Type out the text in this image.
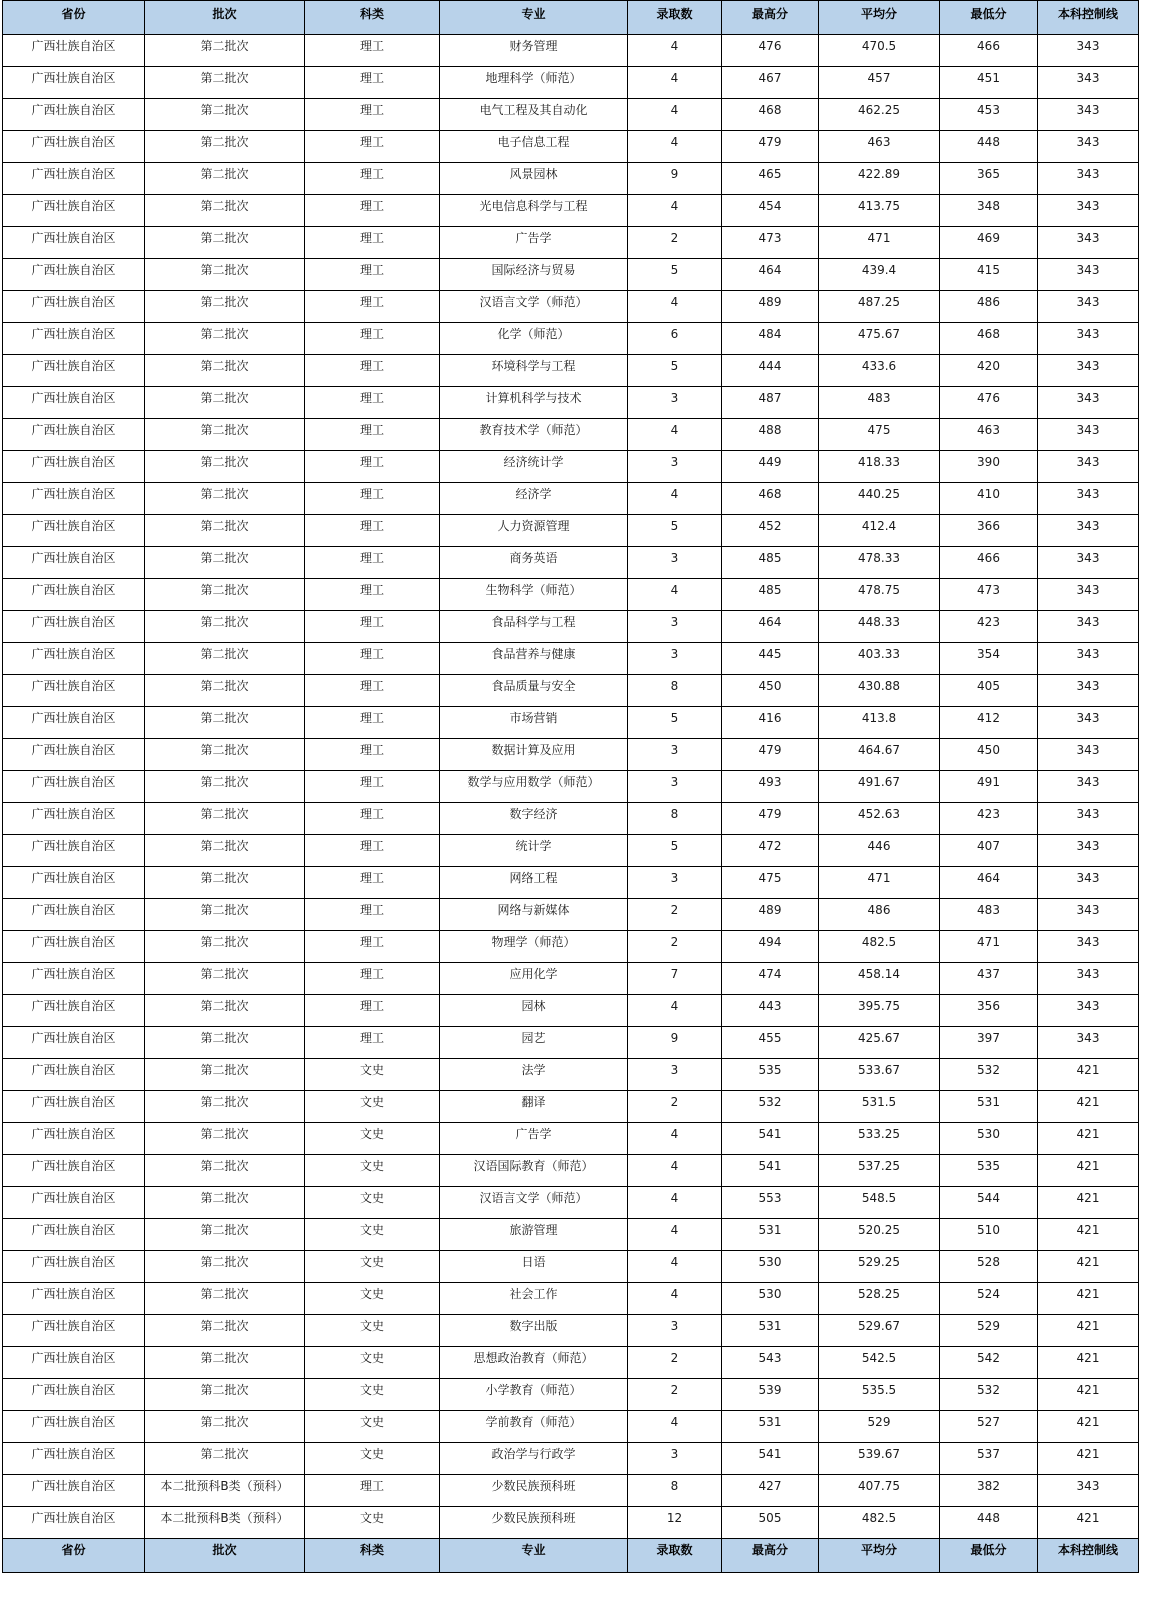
省份	批次	科类	专业	录取数	最高分	平均分	最低分	本科控制线
广西壮族自治区	第二批次	理工	财务管理	4	476	470.5	466	343
广西壮族自治区	第二批次	理工	地理科学（师范）	4	467	457	451	343
广西壮族自治区	第二批次	理工	电气工程及其自动化	4	468	462.25	453	343
广西壮族自治区	第二批次	理工	电子信息工程	4	479	463	448	343
广西壮族自治区	第二批次	理工	风景园林	9	465	422.89	365	343
广西壮族自治区	第二批次	理工	光电信息科学与工程	4	454	413.75	348	343
广西壮族自治区	第二批次	理工	广告学	2	473	471	469	343
广西壮族自治区	第二批次	理工	国际经济与贸易	5	464	439.4	415	343
广西壮族自治区	第二批次	理工	汉语言文学（师范）	4	489	487.25	486	343
广西壮族自治区	第二批次	理工	化学（师范）	6	484	475.67	468	343
广西壮族自治区	第二批次	理工	环境科学与工程	5	444	433.6	420	343
广西壮族自治区	第二批次	理工	计算机科学与技术	3	487	483	476	343
广西壮族自治区	第二批次	理工	教育技术学（师范）	4	488	475	463	343
广西壮族自治区	第二批次	理工	经济统计学	3	449	418.33	390	343
广西壮族自治区	第二批次	理工	经济学	4	468	440.25	410	343
广西壮族自治区	第二批次	理工	人力资源管理	5	452	412.4	366	343
广西壮族自治区	第二批次	理工	商务英语	3	485	478.33	466	343
广西壮族自治区	第二批次	理工	生物科学（师范）	4	485	478.75	473	343
广西壮族自治区	第二批次	理工	食品科学与工程	3	464	448.33	423	343
广西壮族自治区	第二批次	理工	食品营养与健康	3	445	403.33	354	343
广西壮族自治区	第二批次	理工	食品质量与安全	8	450	430.88	405	343
广西壮族自治区	第二批次	理工	市场营销	5	416	413.8	412	343
广西壮族自治区	第二批次	理工	数据计算及应用	3	479	464.67	450	343
广西壮族自治区	第二批次	理工	数学与应用数学（师范）	3	493	491.67	491	343
广西壮族自治区	第二批次	理工	数字经济	8	479	452.63	423	343
广西壮族自治区	第二批次	理工	统计学	5	472	446	407	343
广西壮族自治区	第二批次	理工	网络工程	3	475	471	464	343
广西壮族自治区	第二批次	理工	网络与新媒体	2	489	486	483	343
广西壮族自治区	第二批次	理工	物理学（师范）	2	494	482.5	471	343
广西壮族自治区	第二批次	理工	应用化学	7	474	458.14	437	343
广西壮族自治区	第二批次	理工	园林	4	443	395.75	356	343
广西壮族自治区	第二批次	理工	园艺	9	455	425.67	397	343
广西壮族自治区	第二批次	文史	法学	3	535	533.67	532	421
广西壮族自治区	第二批次	文史	翻译	2	532	531.5	531	421
广西壮族自治区	第二批次	文史	广告学	4	541	533.25	530	421
广西壮族自治区	第二批次	文史	汉语国际教育（师范）	4	541	537.25	535	421
广西壮族自治区	第二批次	文史	汉语言文学（师范）	4	553	548.5	544	421
广西壮族自治区	第二批次	文史	旅游管理	4	531	520.25	510	421
广西壮族自治区	第二批次	文史	日语	4	530	529.25	528	421
广西壮族自治区	第二批次	文史	社会工作	4	530	528.25	524	421
广西壮族自治区	第二批次	文史	数字出版	3	531	529.67	529	421
广西壮族自治区	第二批次	文史	思想政治教育（师范）	2	543	542.5	542	421
广西壮族自治区	第二批次	文史	小学教育（师范）	2	539	535.5	532	421
广西壮族自治区	第二批次	文史	学前教育（师范）	4	531	529	527	421
广西壮族自治区	第二批次	文史	政治学与行政学	3	541	539.67	537	421
广西壮族自治区	本二批预科B类（预科）	理工	少数民族预科班	8	427	407.75	382	343
广西壮族自治区	本二批预科B类（预科）	文史	少数民族预科班	12	505	482.5	448	421
省份	批次	科类	专业	录取数	最高分	平均分	最低分	本科控制线
